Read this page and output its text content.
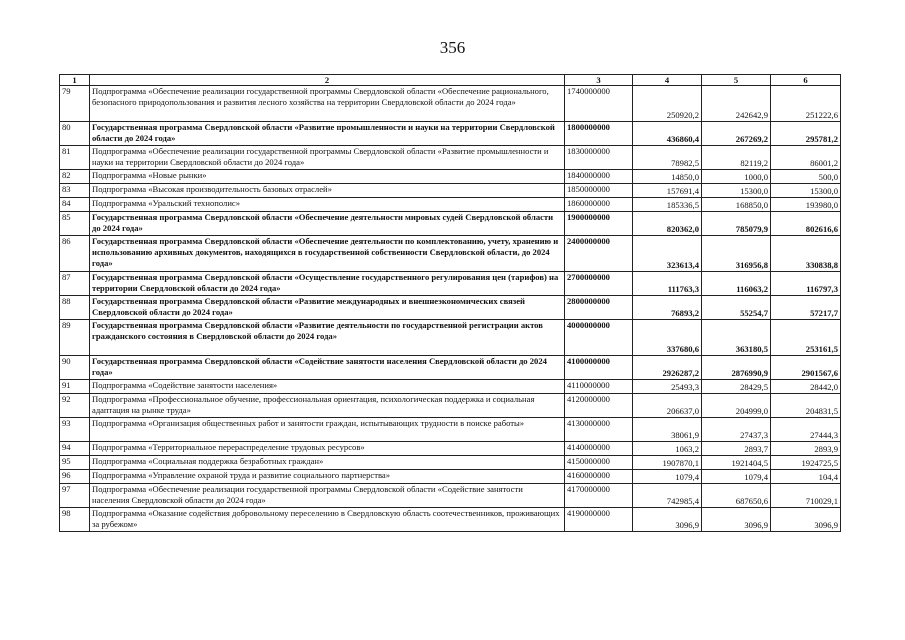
356
1	2	3	4	5	6
79	Подпрограмма «Обеспечение реализации государственной программы Свердловской области «Обеспечение рационального, безопасного природопользования и развития лесного хозяйства на территории Свердловской области до 2024 года»	1740000000	250920,2	242642,9	251222,6
80	Государственная программа Свердловской области «Развитие промышленности и науки на территории Свердловской области до 2024 года»	1800000000	436860,4	267269,2	295781,2
81	Подпрограмма «Обеспечение реализации государственной программы Свердловской области «Развитие промышленности и науки на территории Свердловской области до 2024 года»	1830000000	78982,5	82119,2	86001,2
82	Подпрограмма «Новые рынки»	1840000000	14850,0	1000,0	500,0
83	Подпрограмма «Высокая производительность базовых отраслей»	1850000000	157691,4	15300,0	15300,0
84	Подпрограмма «Уральский технополис»	1860000000	185336,5	168850,0	193980,0
85	Государственная программа Свердловской области «Обеспечение деятельности мировых судей Свердловской области до 2024 года»	1900000000	820362,0	785079,9	802616,6
86	Государственная программа Свердловской области «Обеспечение деятельности по комплектованию, учету, хранению и использованию архивных документов, находящихся в государственной собственности Свердловской области, до 2024 года»	2400000000	323613,4	316956,8	330838,8
87	Государственная программа Свердловской области «Осуществление государственного регулирования цен (тарифов) на территории Свердловской области до 2024 года»	2700000000	111763,3	116063,2	116797,3
88	Государственная программа Свердловской области «Развитие международных и внешнеэкономических связей Свердловской области до 2024 года»	2800000000	76893,2	55254,7	57217,7
89	Государственная программа Свердловской области «Развитие деятельности по государственной регистрации актов гражданского состояния в Свердловской области до 2024 года»	4000000000	337680,6	363180,5	253161,5
90	Государственная программа Свердловской области «Содействие занятости населения Свердловской области до 2024 года»	4100000000	2926287,2	2876990,9	2901567,6
91	Подпрограмма «Содействие занятости населения»	4110000000	25493,3	28429,5	28442,0
92	Подпрограмма «Профессиональное обучение, профессиональная ориентация, психологическая поддержка и социальная адаптация на рынке труда»	4120000000	206637,0	204999,0	204831,5
93	Подпрограмма «Организация общественных работ и занятости граждан, испытывающих трудности в поиске работы»	4130000000	38061,9	27437,3	27444,3
94	Подпрограмма «Территориальное перераспределение трудовых ресурсов»	4140000000	1063,2	2893,7	2893,9
95	Подпрограмма «Социальная поддержка безработных граждан»	4150000000	1907870,1	1921404,5	1924725,5
96	Подпрограмма «Управление охраной труда и развитие социального партнерства»	4160000000	1079,4	1079,4	104,4
97	Подпрограмма «Обеспечение реализации государственной программы Свердловской области «Содействие занятости населения Свердловской области до 2024 года»	4170000000	742985,4	687650,6	710029,1
98	Подпрограмма «Оказание содействия добровольному переселению в Свердловскую область соотечественников, проживающих за рубежом»	4190000000	3096,9	3096,9	3096,9
